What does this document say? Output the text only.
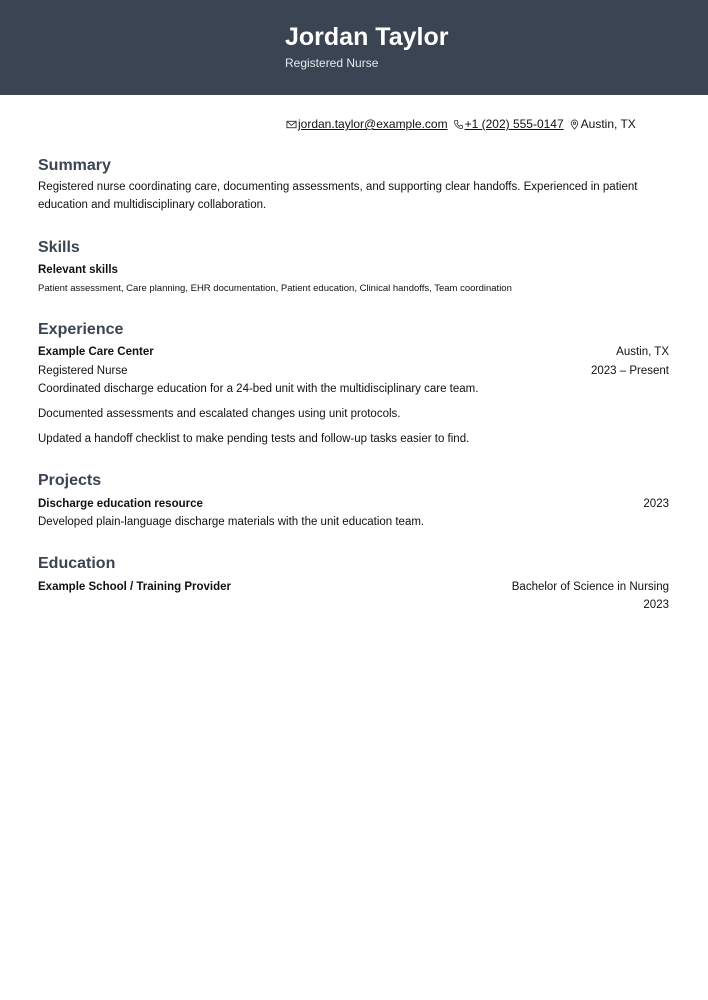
Jordan Taylor
Registered Nurse
jordan.taylor@example.com +1 (202) 555-0147 Austin, TX
Summary
Registered nurse coordinating care, documenting assessments, and supporting clear handoffs. Experienced in patient education and multidisciplinary collaboration.
Skills
Relevant skills
Patient assessment, Care planning, EHR documentation, Patient education, Clinical handoffs, Team coordination
Experience
Example Care Center	Austin, TX
Registered Nurse	2023 – Present
Coordinated discharge education for a 24-bed unit with the multidisciplinary care team.
Documented assessments and escalated changes using unit protocols.
Updated a handoff checklist to make pending tests and follow-up tasks easier to find.
Projects
Discharge education resource	2023
Developed plain-language discharge materials with the unit education team.
Education
Example School / Training Provider	Bachelor of Science in Nursing
2023
